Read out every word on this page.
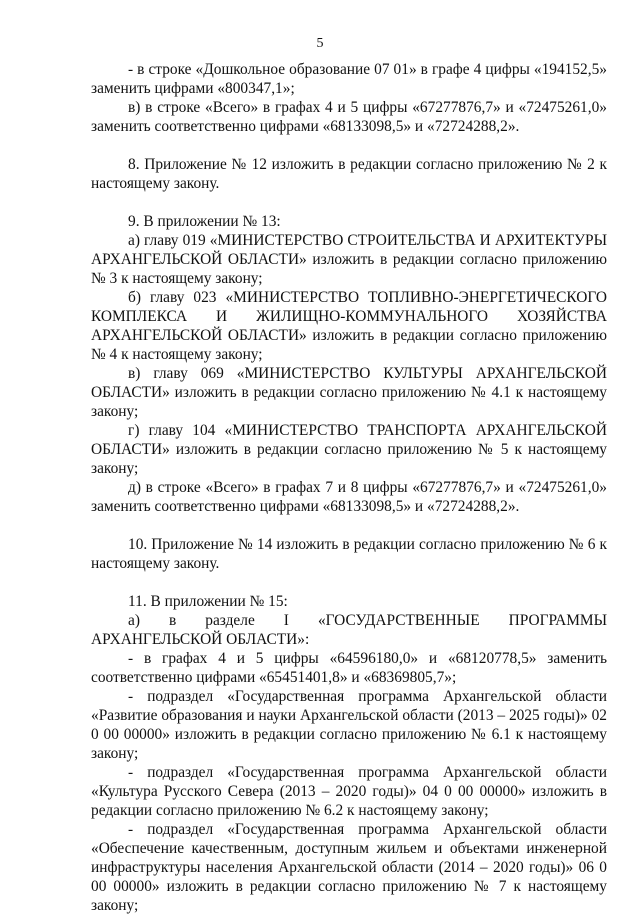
5

- в строке «Дошкольное образование 07 01» в графе 4 цифры «194152,5» заменить цифрами «800347,1»;

в) в строке «Всего» в графах 4 и 5 цифры «67277876,7» и «72475261,0» заменить соответственно цифрами «68133098,5» и «72724288,2».

8. Приложение № 12 изложить в редакции согласно приложению № 2 к настоящему закону.

9. В приложении № 13:

а) главу 019 «МИНИСТЕРСТВО СТРОИТЕЛЬСТВА И АРХИТЕКТУРЫ АРХАНГЕЛЬСКОЙ ОБЛАСТИ» изложить в редакции согласно приложению № 3 к настоящему закону;

б) главу 023 «МИНИСТЕРСТВО ТОПЛИВНО-ЭНЕРГЕТИЧЕСКОГО КОМПЛЕКСА И ЖИЛИЩНО-КОММУНАЛЬНОГО ХОЗЯЙСТВА АРХАНГЕЛЬСКОЙ ОБЛАСТИ» изложить в редакции согласно приложению № 4 к настоящему закону;

в) главу 069 «МИНИСТЕРСТВО КУЛЬТУРЫ АРХАНГЕЛЬСКОЙ ОБЛАСТИ» изложить в редакции согласно приложению № 4.1 к настоящему закону;

г) главу 104 «МИНИСТЕРСТВО ТРАНСПОРТА АРХАНГЕЛЬСКОЙ ОБЛАСТИ» изложить в редакции согласно приложению № 5 к настоящему закону;

д) в строке «Всего» в графах 7 и 8 цифры «67277876,7» и «72475261,0» заменить соответственно цифрами «68133098,5» и «72724288,2».

10. Приложение № 14 изложить в редакции согласно приложению № 6 к настоящему закону.

11. В приложении № 15:

а) в разделе I «ГОСУДАРСТВЕННЫЕ ПРОГРАММЫ АРХАНГЕЛЬСКОЙ ОБЛАСТИ»:

- в графах 4 и 5 цифры «64596180,0» и «68120778,5» заменить соответственно цифрами «65451401,8» и «68369805,7»;

- подраздел «Государственная программа Архангельской области «Развитие образования и науки Архангельской области (2013 – 2025 годы)» 02 0 00 00000» изложить в редакции согласно приложению № 6.1 к настоящему закону;

- подраздел «Государственная программа Архангельской области «Культура Русского Севера (2013 – 2020 годы)» 04 0 00 00000» изложить в редакции согласно приложению № 6.2 к настоящему закону;

- подраздел «Государственная программа Архангельской области «Обеспечение качественным, доступным жильем и объектами инженерной инфраструктуры населения Архангельской области (2014 – 2020 годы)» 06 0 00 00000» изложить в редакции согласно приложению № 7 к настоящему закону;
